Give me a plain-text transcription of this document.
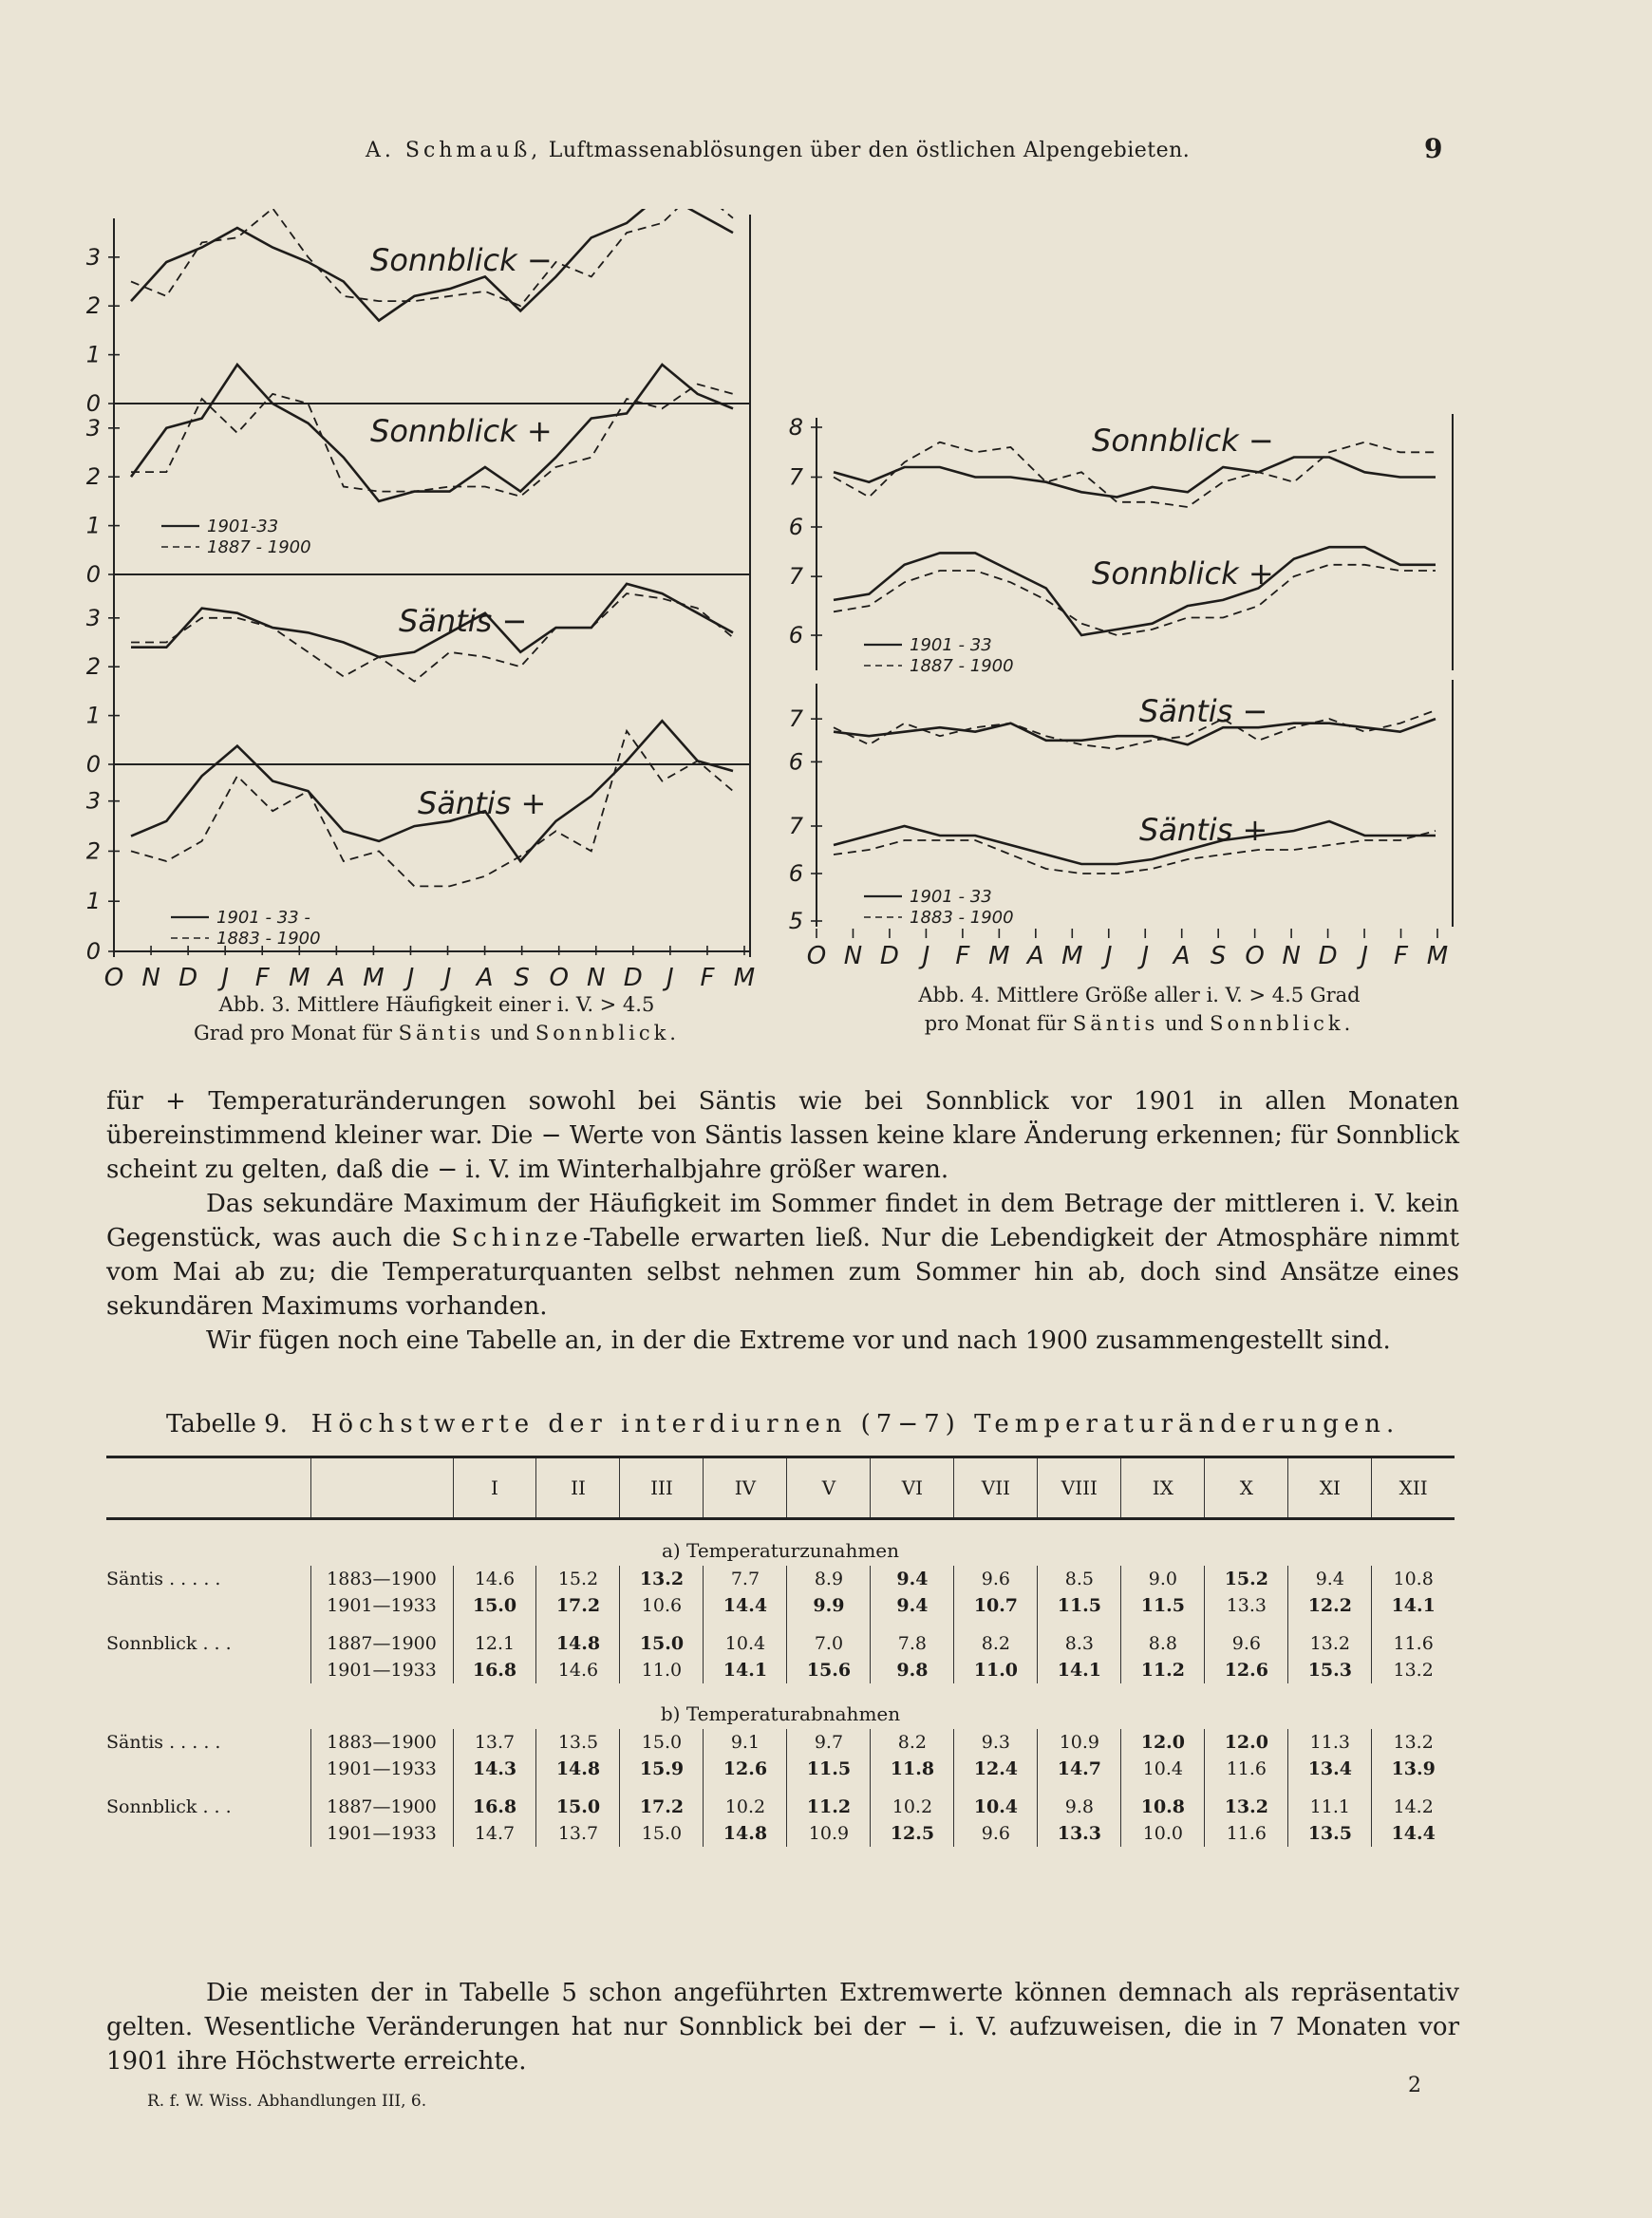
A. Schmauß, Luftmassenablösungen über den östlichen Alpengebieten.	9
3
2
1
0
Sonnblick −
3
2
1
0
Sonnblick +
1901-33
1887 - 1900
3
2
1
0
Säntis −
3
2
1
0
Säntis +
1901 - 33 -
1883 - 1900
O N D J F M A M J J A S O N D J F M
8
7
6
Sonnblick −
7
6
Sonnblick +
1901 - 33
1887 - 1900
7
6
Säntis −
7
6
5
Säntis +
1901 - 33
1883 - 1900
O N D J F M A M J J A S O N D J F M
Abb. 3. Mittlere Häufigkeit einer i. V. > 4.5
Grad pro Monat für Säntis und Sonnblick.
Abb. 4. Mittlere Größe aller i. V. > 4.5 Grad
pro Monat für Säntis und Sonnblick.

für + Temperaturänderungen sowohl bei Säntis wie bei Sonnblick vor 1901 in allen Monaten übereinstimmend kleiner war. Die − Werte von Säntis lassen keine klare Änderung erkennen; für Sonnblick scheint zu gelten, daß die − i. V. im Winterhalbjahre größer waren.

Das sekundäre Maximum der Häufigkeit im Sommer findet in dem Betrage der mittleren i. V. kein Gegenstück, was auch die Schinze-Tabelle erwarten ließ. Nur die Lebendigkeit der Atmosphäre nimmt vom Mai ab zu; die Temperaturquanten selbst nehmen zum Sommer hin ab, doch sind Ansätze eines sekundären Maximums vorhanden.

Wir fügen noch eine Tabelle an, in der die Extreme vor und nach 1900 zusammengestellt sind.

Tabelle 9. Höchstwerte der interdiurnen (7−7) Temperaturänderungen.
		I	II	III	IV	V	VI	VII	VIII	IX	X	XI	XII
a) Temperaturzunahmen													
Säntis . . . . .	1883—1900	14.6	15.2	13.2	7.7	8.9	9.4	9.6	8.5	9.0	15.2	9.4	10.8
	1901—1933	15.0	17.2	10.6	14.4	9.9	9.4	10.7	11.5	11.5	13.3	12.2	14.1

Sonnblick . . .	1887—1900	12.1	14.8	15.0	10.4	7.0	7.8	8.2	8.3	8.8	9.6	13.2	11.6
	1901—1933	16.8	14.6	11.0	14.1	15.6	9.8	11.0	14.1	11.2	12.6	15.3	13.2
b) Temperaturabnahmen													
Säntis . . . . .	1883—1900	13.7	13.5	15.0	9.1	9.7	8.2	9.3	10.9	12.0	12.0	11.3	13.2
	1901—1933	14.3	14.8	15.9	12.6	11.5	11.8	12.4	14.7	10.4	11.6	13.4	13.9

Sonnblick . . .	1887—1900	16.8	15.0	17.2	10.2	11.2	10.2	10.4	9.8	10.8	13.2	11.1	14.2
	1901—1933	14.7	13.7	15.0	14.8	10.9	12.5	9.6	13.3	10.0	11.6	13.5	14.4

Die meisten der in Tabelle 5 schon angeführten Extremwerte können demnach als repräsentativ gelten. Wesentliche Veränderungen hat nur Sonnblick bei der − i. V. aufzuweisen, die in 7 Monaten vor 1901 ihre Höchstwerte erreichte.

R. f. W. Wiss. Abhandlungen III, 6.
2
